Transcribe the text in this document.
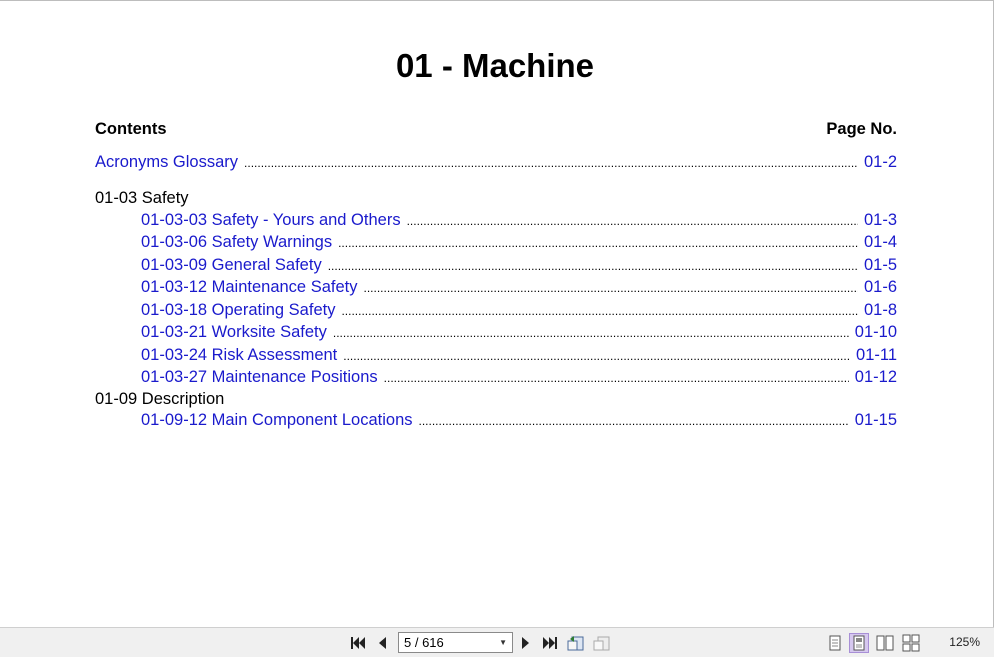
01 - Machine
Contents	Page No.
Acronyms Glossary .....	01-2
01-03 Safety
01-03-03 Safety - Yours and Others .....	01-3
01-03-06 Safety Warnings .....	01-4
01-03-09 General Safety .....	01-5
01-03-12 Maintenance Safety .....	01-6
01-03-18 Operating Safety .....	01-8
01-03-21 Worksite Safety .....	01-10
01-03-24 Risk Assessment .....	01-11
01-03-27 Maintenance Positions .....	01-12
01-09 Description
01-09-12 Main Component Locations .....	01-15
5 / 616	▼	125%
